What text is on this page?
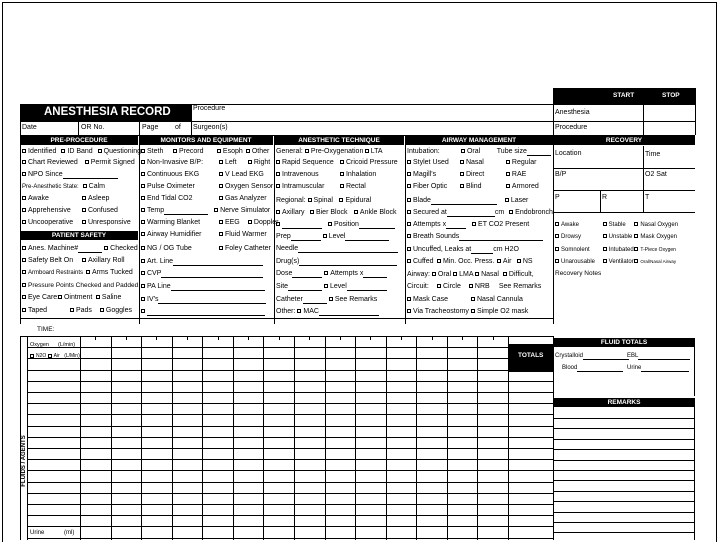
START	STOP
ANESTHESIA RECORD	Procedure
Date	OR No.	Page of Surgeon(s)
Anesthesia
Procedure
PRE-PROCEDURE	MONITORS AND EQUIPMENT	ANESTHETIC TECHNIQUE	AIRWAY MANAGEMENT	RECOVERY
Identified ID Band Questioning
Chart Reviewed Permit Signed
NPO Since
Pre-Anesthetic State: Calm
Awake	Asleep
Apprehensive Confused
Uncooperative Unresponsive
PATIENT SAFETY
Anes. Machine#	Checked
Safety Belt On Axillary Roll
Armboard Restraints Arms Tucked
Pressure Points Checked and Padded
Eye Care: Ointment Saline
Taped	Pads Goggles
Steth Precord	Esoph Other
Non-Invasive B/P:	Left Right
Continuous EKG	V Lead EKG
Pulse Oximeter	Oxygen Sensor
End Tidal CO2	Gas Analyzer
Temp	Nerve Simulator
Warming Blanket	EEG Doppler
Airway Humidifier	Fluid Warmer
NG / OG Tube	Foley Catheter
Art. Line
CVP
PA Line
IV's
General: Pre-Oxygenation LTA
Rapid Sequence Cricoid Pressure
Intravenous	Inhalation
Intramuscular	Rectal
Regional: Spinal Epidural
Axillary Bier Block Ankle Block
Position
Prep	Level
Needle
Drug(s)
Dose	Attempts x
Site	Level
Catheter	See Remarks
Other: MAC
Intubation:	Oral Tube size
Stylet Used Nasal	Regular
Magill's	Direct	RAE
Fiber Optic	Blind	Armored
Blade	Laser
Secured at	cm Endobronch
Attempts x	ET CO2 Present
Breath Sounds
Uncuffed, Leaks at	cm H2O
Cuffed Min. Occ. Press. Air NS
Airway: Oral LMA Nasal Difficult,
Circuit: Circle NRB See Remarks
Mask Case	Nasal Cannula
Via Tracheostomy Simple O2 mask
Location	Time
B/P	O2 Sat
P	R	T
Awake	Stable Nasal Oxygen
Drowsy	Unstable Mask Oxygen
Somnolent	Intubated T-Piece Oxygen
Unarousable Ventilator Oral/Nasal Airway
Recovery Notes
TIME:
TOTALS
Oxygen (L/min)
N2O Air (L/Min)
FLUIDS / AGENTS
Urine	(ml)
FLUID TOTALS
Crystalloid	EBL
Blood	Urine
REMARKS
